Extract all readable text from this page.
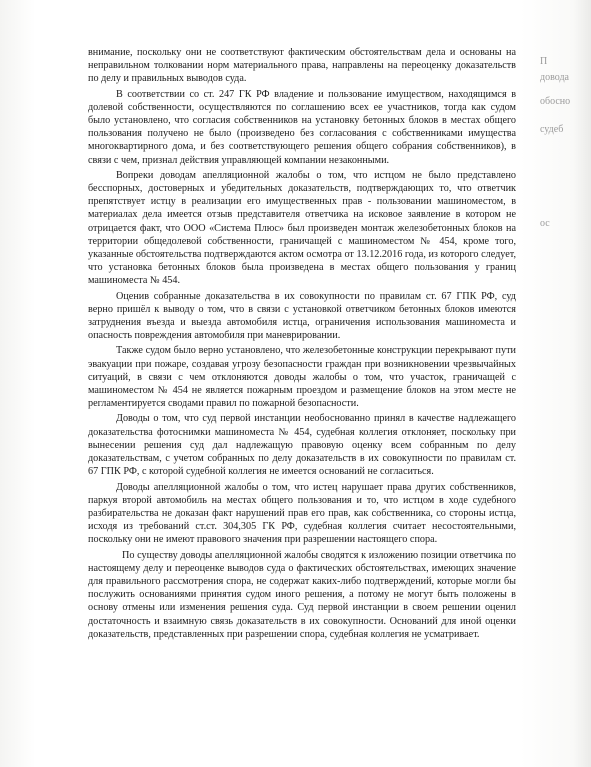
внимание, поскольку они не соответствуют фактическим обстоятельствам дела и основаны на неправильном толковании норм материального права, направлены на переоценку доказательств по делу и правильных выводов суда.

В соответствии со ст. 247 ГК РФ владение и пользование имуществом, находящимся в долевой собственности, осуществляются по соглашению всех ее участников, тогда как судом было установлено, что согласия собственников на установку бетонных блоков в местах общего пользования получено не было (произведено без согласования с собственниками имущества многоквартирного дома, и без соответствующего решения общего собрания собственников), в связи с чем, признал действия управляющей компании незаконными.

Вопреки доводам апелляционной жалобы о том, что истцом не было представлено бесспорных, достоверных и убедительных доказательств, подтверждающих то, что ответчик препятствует истцу в реализации его имущественных прав - пользовании машиноместом, в материалах дела имеется отзыв представителя ответчика на исковое заявление в котором не отрицается факт, что ООО «Система Плюс» был произведен монтаж железобетонных блоков на территории общедолевой собственности, граничащей с машиноместом № 454, кроме того, указанные обстоятельства подтверждаются актом осмотра от 13.12.2016 года, из которого следует, что установка бетонных блоков была произведена в местах общего пользования у границ машиноместа № 454.

Оценив собранные доказательства в их совокупности по правилам ст. 67 ГПК РФ, суд верно пришёл к выводу о том, что в связи с установкой ответчиком бетонных блоков имеются затруднения въезда и выезда автомобиля истца, ограничения использования машиноместа и опасность повреждения автомобиля при маневрировании.

Также судом было верно установлено, что железобетонные конструкции перекрывают пути эвакуации при пожаре, создавая угрозу безопасности граждан при возникновении чрезвычайных ситуаций, в связи с чем отклоняются доводы жалобы о том, что участок, граничащей с машиноместом № 454 не является пожарным проездом и размещение блоков на этом месте не регламентируется сводами правил по пожарной безопасности.

Доводы о том, что суд первой инстанции необоснованно принял в качестве надлежащего доказательства фотоснимки машиноместа № 454, судебная коллегия отклоняет, поскольку при вынесении решения суд дал надлежащую правовую оценку всем собранным по делу доказательствам, с учетом собранных по делу доказательств в их совокупности по правилам ст. 67 ГПК РФ, с которой судебной коллегия не имеется оснований не согласиться.

Доводы апелляционной жалобы о том, что истец нарушает права других собственников, паркуя второй автомобиль на местах общего пользования и то, что истцом в ходе судебного разбирательства не доказан факт нарушений прав его прав, как собственника, со стороны истца, исходя из требований ст.ст. 304,305 ГК РФ, судебная коллегия считает несостоятельными, поскольку они не имеют правового значения при разрешении настоящего спора.

По существу доводы апелляционной жалобы сводятся к изложению позиции ответчика по настоящему делу и переоценке выводов суда о фактических обстоятельствах, имеющих значение для правильного рассмотрения спора, не содержат каких-либо подтверждений, которые могли бы послужить основаниями принятия судом иного решения, а потому не могут быть положены в основу отмены или изменения решения суда. Суд первой инстанции в своем решении оценил достаточность и взаимную связь доказательств в их совокупности. Оснований для иной оценки доказательств, представленных при разрешении спора, судебная коллегия не усматривает.

П
довода
обосно
судеб
ос
